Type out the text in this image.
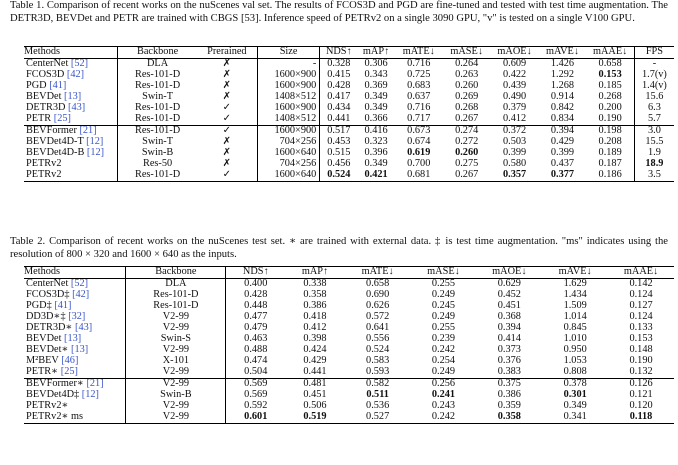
Table 1. Comparison of recent works on the nuScenes val set. The results of FCOS3D and PGD are fine-tuned and tested with test time augmentation. The DETR3D, BEVDet and PETR are trained with CBGS [53]. Inference speed of PETRv2 on a single 3090 GPU, "v" is tested on a single V100 GPU.
Methods	Backbone	Prerained	Size	NDS↑	mAP↑	mATE↓	mASE↓	mAOE↓	mAVE↓	mAAE↓	FPS
CenterNet [52]	DLA	✗	-	0.328	0.306	0.716	0.264	0.609	1.426	0.658	-
FCOS3D [42]	Res-101-D	✗	1600×900	0.415	0.343	0.725	0.263	0.422	1.292	0.153	1.7(v)
PGD [41]	Res-101-D	✗	1600×900	0.428	0.369	0.683	0.260	0.439	1.268	0.185	1.4(v)
BEVDet [13]	Swin-T	✗	1408×512	0.417	0.349	0.637	0.269	0.490	0.914	0.268	15.6
DETR3D [43]	Res-101-D	✓	1600×900	0.434	0.349	0.716	0.268	0.379	0.842	0.200	6.3
PETR [25]	Res-101-D	✓	1408×512	0.441	0.366	0.717	0.267	0.412	0.834	0.190	5.7
BEVFormer [21]	Res-101-D	✓	1600×900	0.517	0.416	0.673	0.274	0.372	0.394	0.198	3.0
BEVDet4D-T [12]	Swin-T	✗	704×256	0.453	0.323	0.674	0.272	0.503	0.429	0.208	15.5
BEVDet4D-B [12]	Swin-B	✗	1600×640	0.515	0.396	0.619	0.260	0.399	0.399	0.189	1.9
PETRv2	Res-50	✗	704×256	0.456	0.349	0.700	0.275	0.580	0.437	0.187	18.9
PETRv2	Res-101-D	✓	1600×640	0.524	0.421	0.681	0.267	0.357	0.377	0.186	3.5
Table 2. Comparison of recent works on the nuScenes test set. ∗ are trained with external data. ‡ is test time augmentation. "ms" indicates using the resolution of 800 × 320 and 1600 × 640 as the inputs.
Methods	Backbone	NDS↑	mAP↑	mATE↓	mASE↓	mAOE↓	mAVE↓	mAAE↓
CenterNet [52]	DLA	0.400	0.338	0.658	0.255	0.629	1.629	0.142
FCOS3D‡ [42]	Res-101-D	0.428	0.358	0.690	0.249	0.452	1.434	0.124
PGD‡ [41]	Res-101-D	0.448	0.386	0.626	0.245	0.451	1.509	0.127
DD3D∗‡ [32]	V2-99	0.477	0.418	0.572	0.249	0.368	1.014	0.124
DETR3D∗ [43]	V2-99	0.479	0.412	0.641	0.255	0.394	0.845	0.133
BEVDet [13]	Swin-S	0.463	0.398	0.556	0.239	0.414	1.010	0.153
BEVDet∗ [13]	V2-99	0.488	0.424	0.524	0.242	0.373	0.950	0.148
M²BEV [46]	X-101	0.474	0.429	0.583	0.254	0.376	1.053	0.190
PETR∗ [25]	V2-99	0.504	0.441	0.593	0.249	0.383	0.808	0.132
BEVFormer∗ [21]	V2-99	0.569	0.481	0.582	0.256	0.375	0.378	0.126
BEVDet4D‡ [12]	Swin-B	0.569	0.451	0.511	0.241	0.386	0.301	0.121
PETRv2∗	V2-99	0.592	0.506	0.536	0.243	0.359	0.349	0.120
PETRv2∗ ms	V2-99	0.601	0.519	0.527	0.242	0.358	0.341	0.118
